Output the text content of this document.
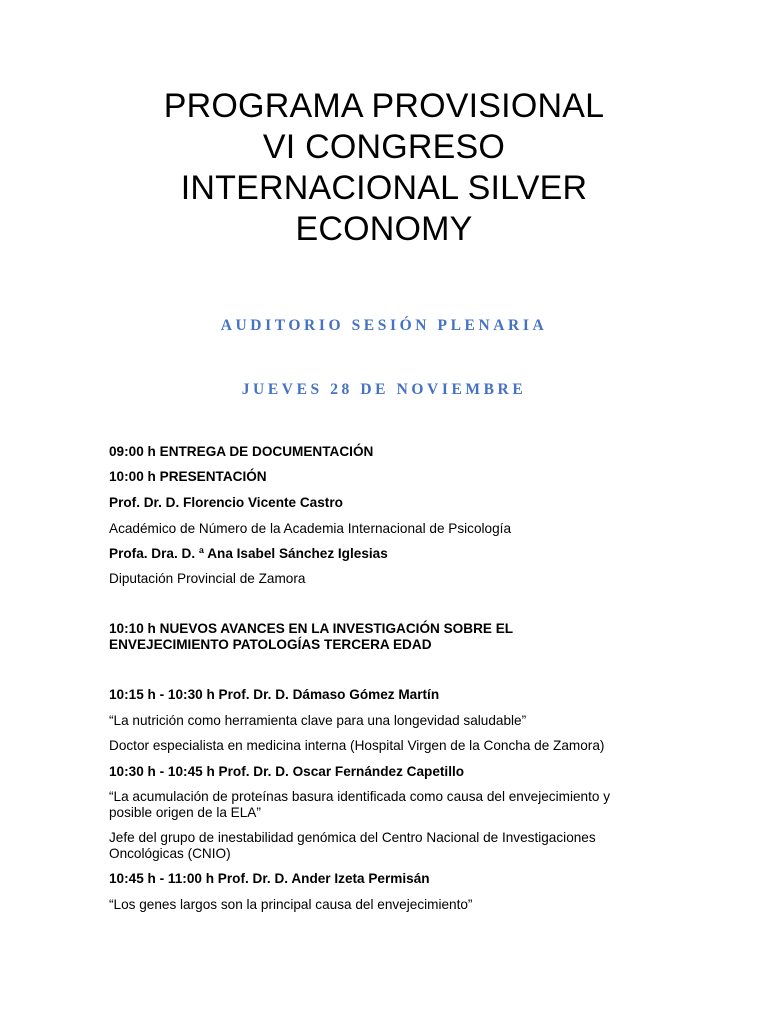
PROGRAMA PROVISIONAL
VI CONGRESO
INTERNACIONAL SILVER
ECONOMY
AUDITORIO SESIÓN PLENARIA
JUEVES 28 DE NOVIEMBRE

09:00 h ENTREGA DE DOCUMENTACIÓN

10:00 h PRESENTACIÓN

Prof. Dr. D. Florencio Vicente Castro

Académico de Número de la Academia Internacional de Psicología

Profa. Dra. D. ª Ana Isabel Sánchez Iglesias

Diputación Provincial de Zamora

10:10 h NUEVOS AVANCES EN LA INVESTIGACIÓN SOBRE EL
ENVEJECIMIENTO PATOLOGÍAS TERCERA EDAD

10:15 h - 10:30 h Prof. Dr. D. Dámaso Gómez Martín

“La nutrición como herramienta clave para una longevidad saludable”

Doctor especialista en medicina interna (Hospital Virgen de la Concha de Zamora)

10:30 h - 10:45 h Prof. Dr. D. Oscar Fernández Capetillo

“La acumulación de proteínas basura identificada como causa del envejecimiento y
posible origen de la ELA”

Jefe del grupo de inestabilidad genómica del Centro Nacional de Investigaciones
Oncológicas (CNIO)

10:45 h - 11:00 h Prof. Dr. D. Ander Izeta Permisán

“Los genes largos son la principal causa del envejecimiento”
